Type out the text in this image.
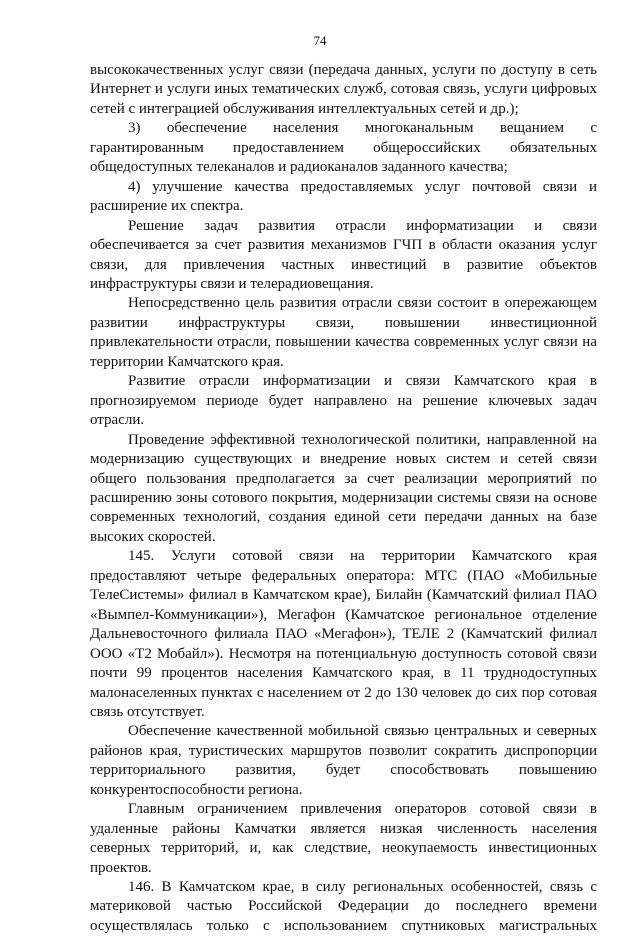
74

высококачественных услуг связи (передача данных, услуги по доступу в сеть Интернет и услуги иных тематических служб, сотовая связь, услуги цифровых сетей с интеграцией обслуживания интеллектуальных сетей и др.);

3) обеспечение населения многоканальным вещанием с гарантированным предоставлением общероссийских обязательных общедоступных телеканалов и радиоканалов заданного качества;

4) улучшение качества предоставляемых услуг почтовой связи и расширение их спектра.

Решение задач развития отрасли информатизации и связи обеспечивается за счет развития механизмов ГЧП в области оказания услуг связи, для привлечения частных инвестиций в развитие объектов инфраструктуры связи и телерадиовещания.

Непосредственно цель развития отрасли связи состоит в опережающем развитии инфраструктуры связи, повышении инвестиционной привлекательности отрасли, повышении качества современных услуг связи на территории Камчатского края.

Развитие отрасли информатизации и связи Камчатского края в прогнозируемом периоде будет направлено на решение ключевых задач отрасли.

Проведение эффективной технологической политики, направленной на модернизацию существующих и внедрение новых систем и сетей связи общего пользования предполагается за счет реализации мероприятий по расширению зоны сотового покрытия, модернизации системы связи на основе современных технологий, создания единой сети передачи данных на базе высоких скоростей.

145. Услуги сотовой связи на территории Камчатского края предоставляют четыре федеральных оператора: МТС (ПАО «Мобильные ТелеСистемы» филиал в Камчатском крае), Билайн (Камчатский филиал ПАО «Вымпел-Коммуникации»), Мегафон (Камчатское региональное отделение Дальневосточного филиала ПАО «Мегафон»), ТЕЛЕ 2 (Камчатский филиал ООО «Т2 Мобайл»). Несмотря на потенциальную доступность сотовой связи почти 99 процентов населения Камчатского края, в 11 труднодоступных малонаселенных пунктах с населением от 2 до 130 человек до сих пор сотовая связь отсутствует.

Обеспечение качественной мобильной связью центральных и северных районов края, туристических маршрутов позволит сократить диспропорции территориального развития, будет способствовать повышению конкурентоспособности региона.

Главным ограничением привлечения операторов сотовой связи в удаленные районы Камчатки является низкая численность населения северных территорий, и, как следствие, неокупаемость инвестиционных проектов.

146. В Камчатском крае, в силу региональных особенностей, связь с материковой частью Российской Федерации до последнего времени осуществлялась только с использованием спутниковых магистральных
